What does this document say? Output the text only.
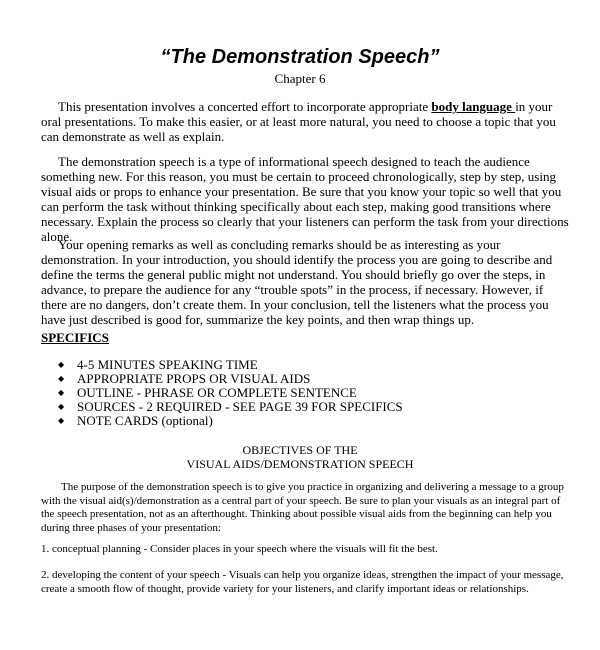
“The Demonstration Speech”
Chapter 6

This presentation involves a concerted effort to incorporate appropriate body language in your oral presentations. To make this easier, or at least more natural, you need to choose a topic that you can demonstrate as well as explain.

The demonstration speech is a type of informational speech designed to teach the audience something new. For this reason, you must be certain to proceed chronologically, step by step, using visual aids or props to enhance your presentation. Be sure that you know your topic so well that you can perform the task without thinking specifically about each step, making good transitions where necessary. Explain the process so clearly that your listeners can perform the task from your directions alone.

Your opening remarks as well as concluding remarks should be as interesting as your demonstration. In your introduction, you should identify the process you are going to describe and define the terms the general public might not understand. You should briefly go over the steps, in advance, to prepare the audience for any “trouble spots” in the process, if necessary. However, if there are no dangers, don’t create them. In your conclusion, tell the listeners what the process you have just described is good for, summarize the key points, and then wrap things up.

SPECIFICS
◆ 4-5 MINUTES SPEAKING TIME
◆ APPROPRIATE PROPS OR VISUAL AIDS
◆ OUTLINE - PHRASE OR COMPLETE SENTENCE
◆ SOURCES - 2 REQUIRED - SEE PAGE 39 FOR SPECIFICS
◆ NOTE CARDS (optional)
OBJECTIVES OF THE
VISUAL AIDS/DEMONSTRATION SPEECH

The purpose of the demonstration speech is to give you practice in organizing and delivering a message to a group with the visual aid(s)/demonstration as a central part of your speech. Be sure to plan your visuals as an integral part of the speech presentation, not as an afterthought. Thinking about possible visual aids from the beginning can help you during three phases of your presentation:

1. conceptual planning - Consider places in your speech where the visuals will fit the best.

2. developing the content of your speech - Visuals can help you organize ideas, strengthen the impact of your message, create a smooth flow of thought, provide variety for your listeners, and clarify important ideas or relationships.
